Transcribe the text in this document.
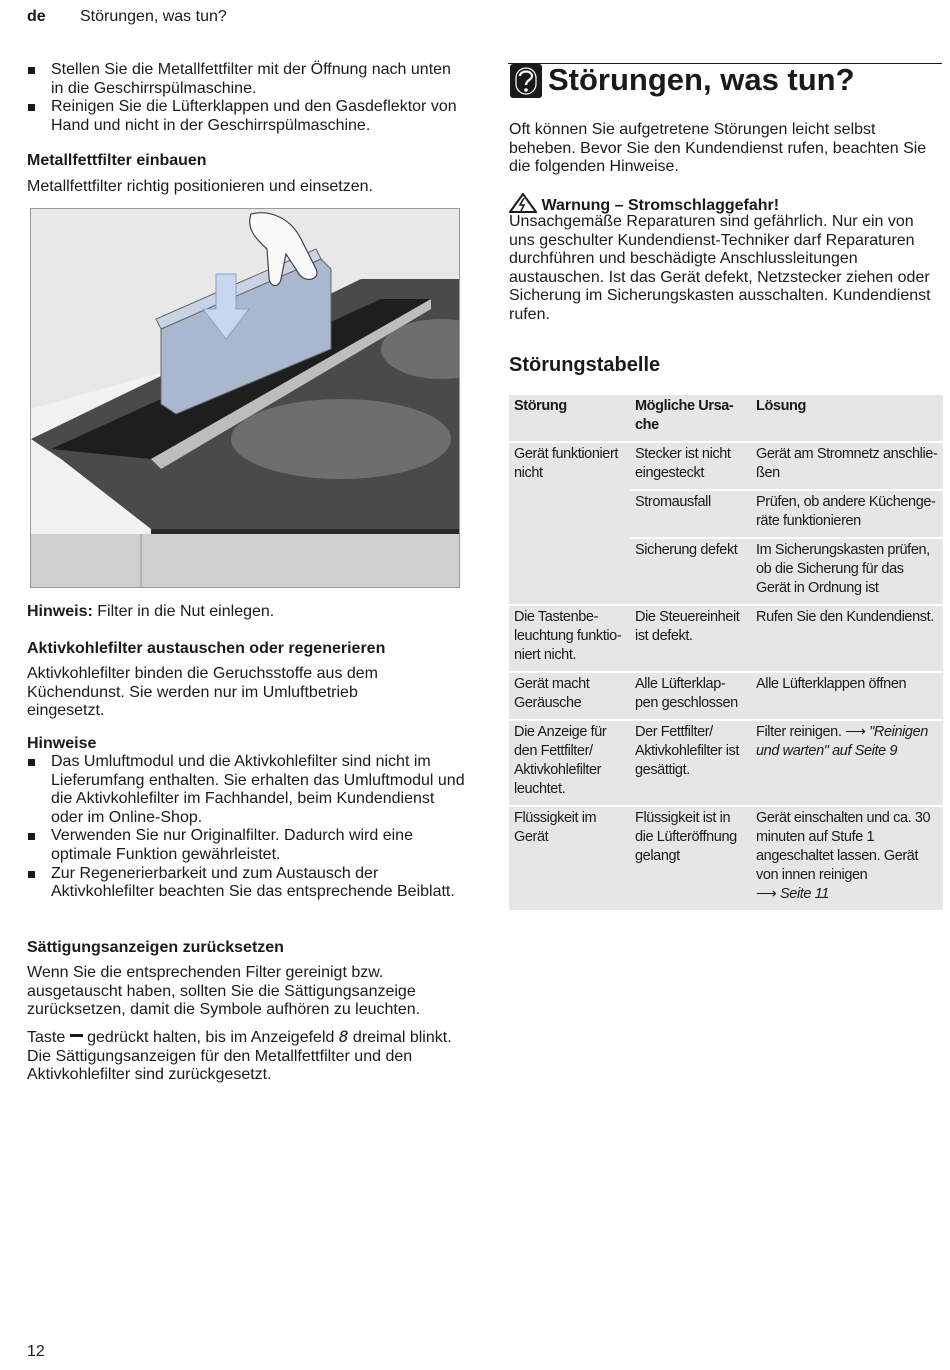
de Störungen, was tun?
Stellen Sie die Metallfettfilter mit der Öffnung nach unten in die Geschirrspülmaschine.
Reinigen Sie die Lüfterklappen und den Gasdeflektor von Hand und nicht in der Geschirrspülmaschine.
Metallfettfilter einbauen
Metallfettfilter richtig positionieren und einsetzen.
Hinweis: Filter in die Nut einlegen.
Aktivkohlefilter austauschen oder regenerieren
Aktivkohlefilter binden die Geruchsstoffe aus dem Küchendunst. Sie werden nur im Umluftbetrieb eingesetzt.
Hinweise
Das Umluftmodul und die Aktivkohlefilter sind nicht im Lieferumfang enthalten. Sie erhalten das Umluftmodul und die Aktivkohlefilter im Fachhandel, beim Kundendienst oder im Online-Shop.
Verwenden Sie nur Originalfilter. Dadurch wird eine optimale Funktion gewährleistet.
Zur Regenerierbarkeit und zum Austausch der Aktivkohlefilter beachten Sie das entsprechende Beiblatt.
Sättigungsanzeigen zurücksetzen
Wenn Sie die entsprechenden Filter gereinigt bzw. ausgetauscht haben, sollten Sie die Sättigungsanzeige zurücksetzen, damit die Symbole aufhören zu leuchten.
Taste  gedrückt halten, bis im Anzeigefeld 8 dreimal blinkt. Die Sättigungsanzeigen für den Metallfettfilter und den Aktivkohlefilter sind zurückgesetzt.
Störungen, was tun?
Oft können Sie aufgetretene Störungen leicht selbst beheben. Bevor Sie den Kundendienst rufen, beachten Sie die folgenden Hinweise.
Warnung – Stromschlaggefahr!
Unsachgemäße Reparaturen sind gefährlich. Nur ein von uns geschulter Kundendienst-Techniker darf Reparaturen durchführen und beschädigte Anschlussleitungen austauschen. Ist das Gerät defekt, Netzstecker ziehen oder Sicherung im Sicherungskasten ausschalten. Kundendienst rufen.
Störungstabelle
Störung	Mögliche Ursa-che	Lösung
Gerät funktioniert nicht	Stecker ist nicht eingesteckt	Gerät am Stromnetz anschlie-ßen
	Stromausfall	Prüfen, ob andere Küchenge-räte funktionieren
	Sicherung defekt	Im Sicherungskasten prüfen, ob die Sicherung für das Gerät in Ordnung ist
Die Tastenbe-leuchtung funktio-niert nicht.	Die Steuereinheit ist defekt.	Rufen Sie den Kundendienst.
Gerät macht Geräusche	Alle Lüfterklap-pen geschlossen	Alle Lüfterklappen öffnen
Die Anzeige für den Fettfilter/ Aktivkohlefilter leuchtet.	Der Fettfilter/ Aktivkohlefilter ist gesättigt.	Filter reinigen. ⟶ "Reinigen und warten" auf Seite 9
Flüssigkeit im Gerät	Flüssigkeit ist in die Lüfteröffnung gelangt	Gerät einschalten und ca. 30 minuten auf Stufe 1 angeschaltet lassen. Gerät von innen reinigen
⟶ Seite 11
12
